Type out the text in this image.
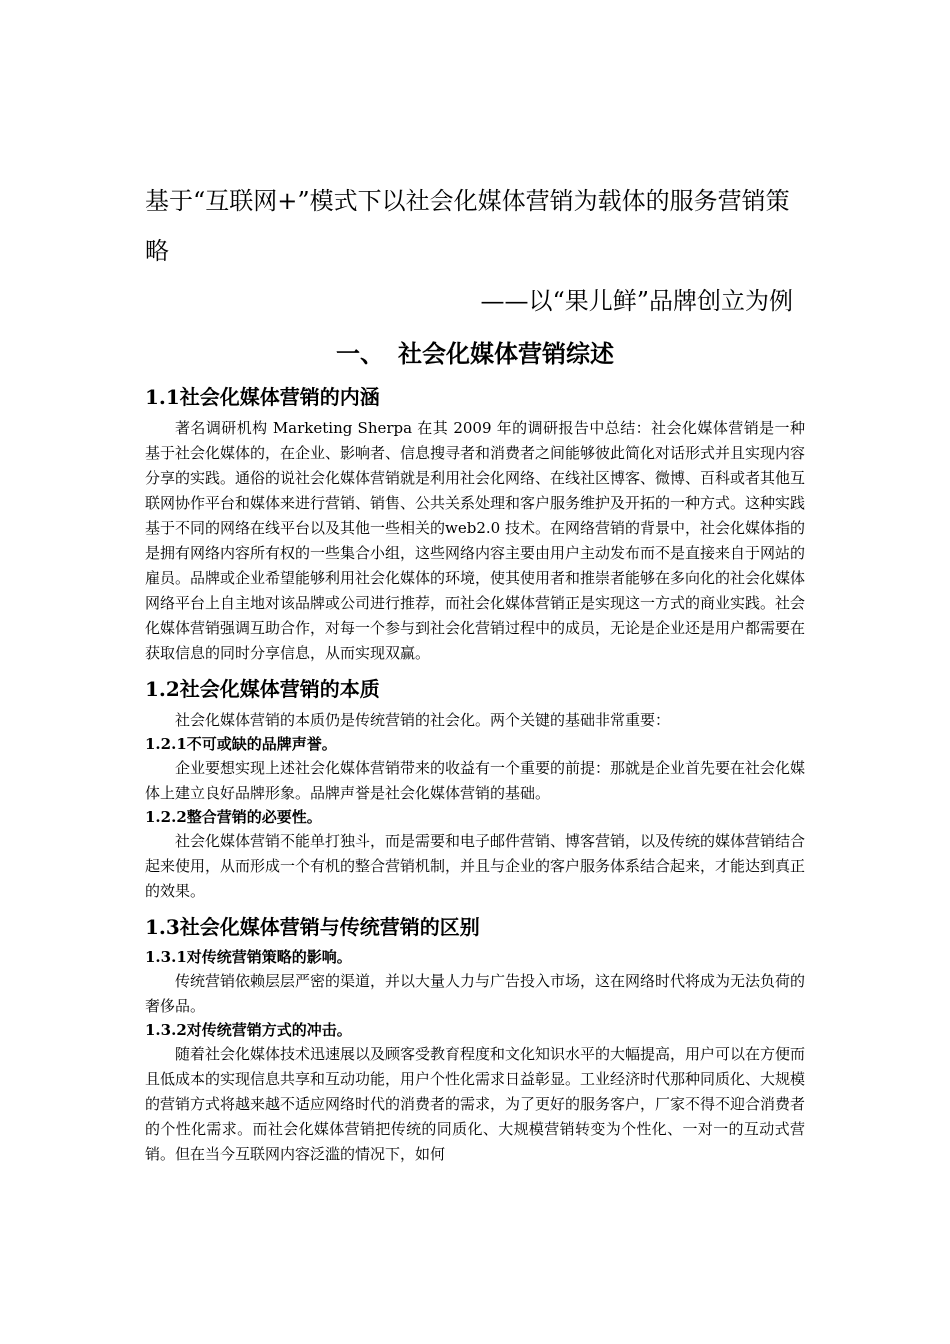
基于“互联网+”模式下以社会化媒体营销为载体的服务营销策略
——以“果儿鲜”品牌创立为例
一、 社会化媒体营销综述
1.1社会化媒体营销的内涵

著名调研机构 Marketing Sherpa 在其 2009 年的调研报告中总结：社会化媒体营销是一种基于社会化媒体的，在企业、影响者、信息搜寻者和消费者之间能够彼此简化对话形式并且实现内容分享的实践。通俗的说社会化媒体营销就是利用社会化网络、在线社区博客、微博、百科或者其他互联网协作平台和媒体来进行营销、销售、公共关系处理和客户服务维护及开拓的一种方式。这种实践基于不同的网络在线平台以及其他一些相关的web2.0 技术。在网络营销的背景中，社会化媒体指的是拥有网络内容所有权的一些集合小组，这些网络内容主要由用户主动发布而不是直接来自于网站的雇员。品牌或企业希望能够利用社会化媒体的环境，使其使用者和推崇者能够在多向化的社会化媒体网络平台上自主地对该品牌或公司进行推荐，而社会化媒体营销正是实现这一方式的商业实践。社会化媒体营销强调互助合作，对每一个参与到社会化营销过程中的成员，无论是企业还是用户都需要在获取信息的同时分享信息，从而实现双赢。

1.2社会化媒体营销的本质

社会化媒体营销的本质仍是传统营销的社会化。两个关键的基础非常重要：

1.2.1不可或缺的品牌声誉。

企业要想实现上述社会化媒体营销带来的收益有一个重要的前提：那就是企业首先要在社会化媒体上建立良好品牌形象。品牌声誉是社会化媒体营销的基础。

1.2.2整合营销的必要性。

社会化媒体营销不能单打独斗，而是需要和电子邮件营销、博客营销，以及传统的媒体营销结合起来使用，从而形成一个有机的整合营销机制，并且与企业的客户服务体系结合起来，才能达到真正的效果。

1.3社会化媒体营销与传统营销的区别
1.3.1对传统营销策略的影响。

传统营销依赖层层严密的渠道，并以大量人力与广告投入市场，这在网络时代将成为无法负荷的奢侈品。

1.3.2对传统营销方式的冲击。

随着社会化媒体技术迅速展以及顾客受教育程度和文化知识水平的大幅提高，用户可以在方便而且低成本的实现信息共享和互动功能，用户个性化需求日益彰显。工业经济时代那种同质化、大规模的营销方式将越来越不适应网络时代的消费者的需求，为了更好的服务客户，厂家不得不迎合消费者的个性化需求。而社会化媒体营销把传统的同质化、大规模营销转变为个性化、一对一的互动式营销。但在当今互联网内容泛滥的情况下，如何
